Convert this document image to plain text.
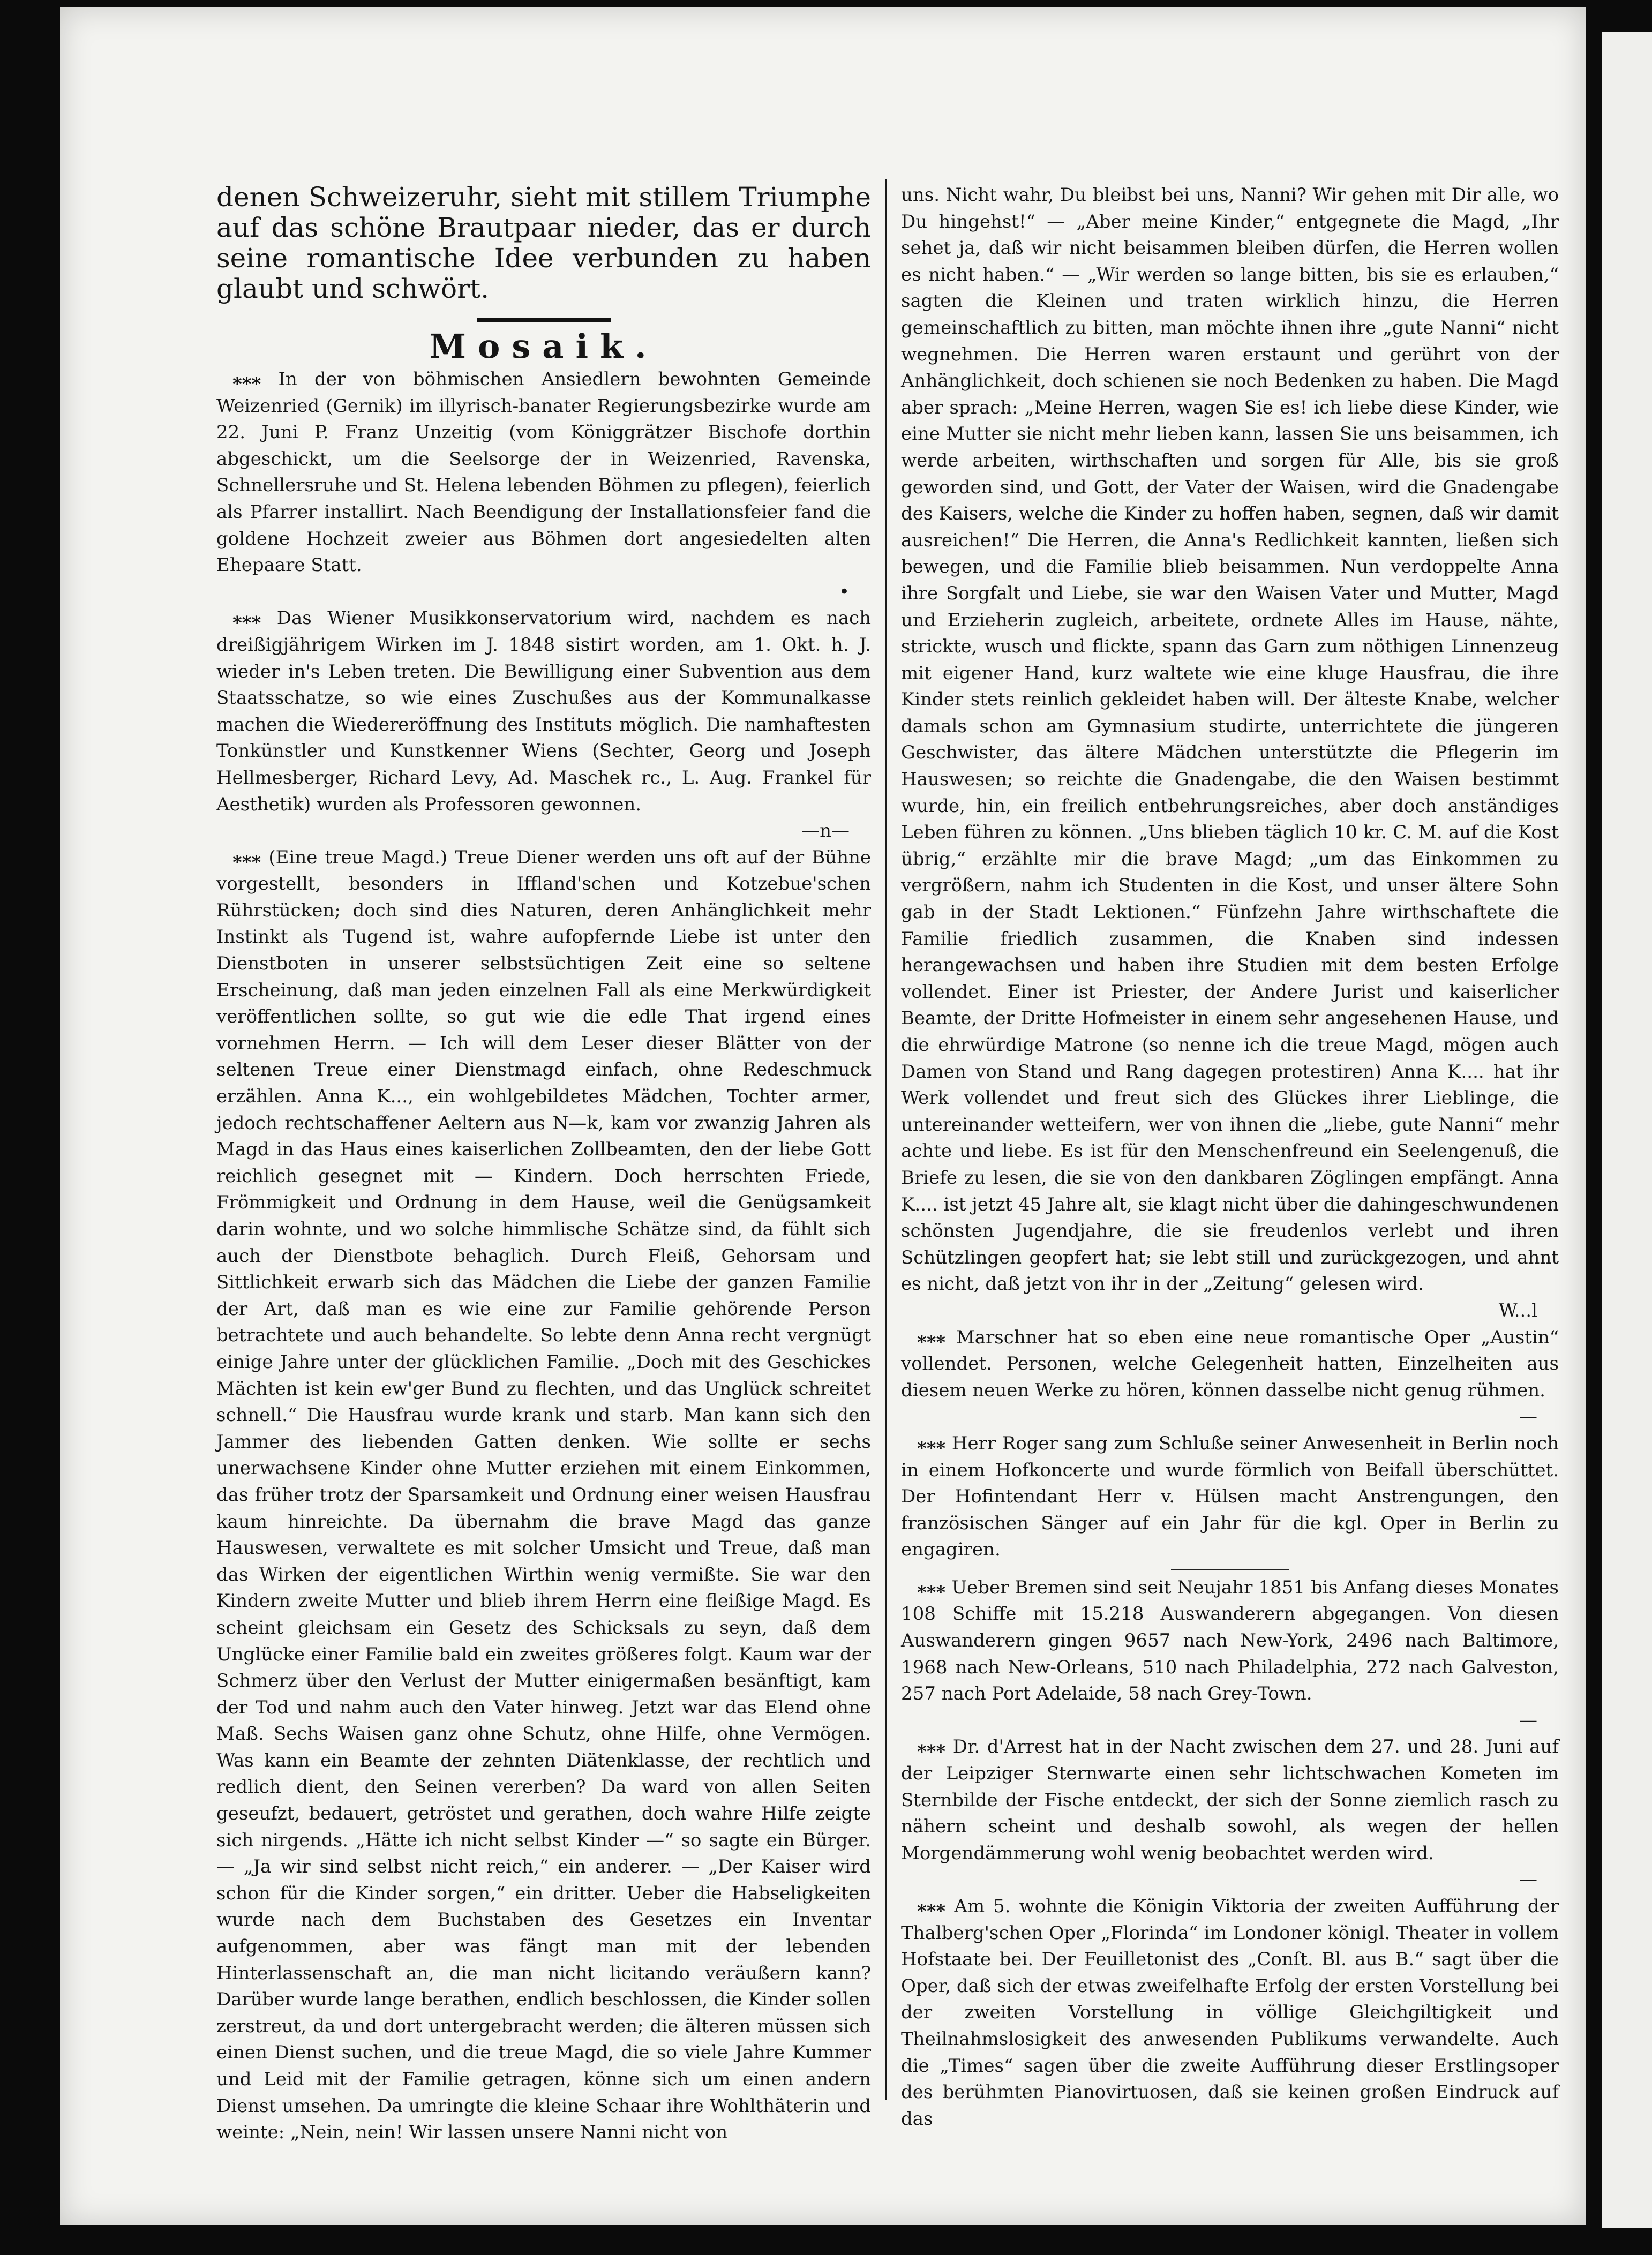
denen Schweizeruhr, sieht mit stillem Triumphe auf das schöne Brautpaar nieder, das er durch seine romantische Idee verbunden zu haben glaubt und schwört.

Mosaik.

⁎⁎⁎ In der von böhmischen Ansiedlern bewohnten Gemeinde Weizenried (Gernik) im illyrisch-banater Regierungsbezirke wurde am 22. Juni P. Franz Unzeitig (vom Königgrätzer Bischofe dorthin abgeschickt, um die Seelsorge der in Weizenried, Ravenska, Schnellersruhe und St. Helena lebenden Böhmen zu pflegen), feierlich als Pfarrer installirt. Nach Beendigung der Installationsfeier fand die goldene Hochzeit zweier aus Böhmen dort angesiedelten alten Ehepaare Statt.
•

⁎⁎⁎ Das Wiener Musikkonservatorium wird, nachdem es nach dreißigjährigem Wirken im J. 1848 sistirt worden, am 1. Okt. h. J. wieder in's Leben treten. Die Bewilligung einer Subvention aus dem Staatsschatze, so wie eines Zuschußes aus der Kommunalkasse machen die Wiedereröffnung des Instituts möglich. Die namhaftesten Tonkünstler und Kunstkenner Wiens (Sechter, Georg und Joseph Hellmesberger, Richard Levy, Ad. Maschek rc., L. Aug. Frankel für Aesthetik) wurden als Professoren gewonnen.
—n—

⁎⁎⁎ (Eine treue Magd.) Treue Diener werden uns oft auf der Bühne vorgestellt, besonders in Iffland'schen und Kotzebue'schen Rührstücken; doch sind dies Naturen, deren Anhänglichkeit mehr Instinkt als Tugend ist, wahre aufopfernde Liebe ist unter den Dienstboten in unserer selbstsüchtigen Zeit eine so seltene Erscheinung, daß man jeden einzelnen Fall als eine Merkwürdigkeit veröffentlichen sollte, so gut wie die edle That irgend eines vornehmen Herrn. — Ich will dem Leser dieser Blätter von der seltenen Treue einer Dienstmagd einfach, ohne Redeschmuck erzählen. Anna K..., ein wohlgebildetes Mädchen, Tochter armer, jedoch rechtschaffener Aeltern aus N—k, kam vor zwanzig Jahren als Magd in das Haus eines kaiserlichen Zollbeamten, den der liebe Gott reichlich gesegnet mit — Kindern. Doch herrschten Friede, Frömmigkeit und Ordnung in dem Hause, weil die Genügsamkeit darin wohnte, und wo solche himmlische Schätze sind, da fühlt sich auch der Dienstbote behaglich. Durch Fleiß, Gehorsam und Sittlichkeit erwarb sich das Mädchen die Liebe der ganzen Familie der Art, daß man es wie eine zur Familie gehörende Person betrachtete und auch behandelte. So lebte denn Anna recht vergnügt einige Jahre unter der glücklichen Familie. „Doch mit des Geschickes Mächten ist kein ew'ger Bund zu flechten, und das Unglück schreitet schnell.“ Die Hausfrau wurde krank und starb. Man kann sich den Jammer des liebenden Gatten denken. Wie sollte er sechs unerwachsene Kinder ohne Mutter erziehen mit einem Einkommen, das früher trotz der Sparsamkeit und Ordnung einer weisen Hausfrau kaum hinreichte. Da übernahm die brave Magd das ganze Hauswesen, verwaltete es mit solcher Umsicht und Treue, daß man das Wirken der eigentlichen Wirthin wenig vermißte. Sie war den Kindern zweite Mutter und blieb ihrem Herrn eine fleißige Magd. Es scheint gleichsam ein Gesetz des Schicksals zu seyn, daß dem Unglücke einer Familie bald ein zweites größeres folgt. Kaum war der Schmerz über den Verlust der Mutter einigermaßen besänftigt, kam der Tod und nahm auch den Vater hinweg. Jetzt war das Elend ohne Maß. Sechs Waisen ganz ohne Schutz, ohne Hilfe, ohne Vermögen. Was kann ein Beamte der zehnten Diätenklasse, der rechtlich und redlich dient, den Seinen vererben? Da ward von allen Seiten geseufzt, bedauert, getröstet und gerathen, doch wahre Hilfe zeigte sich nirgends. „Hätte ich nicht selbst Kinder —“ so sagte ein Bürger. — „Ja wir sind selbst nicht reich,“ ein anderer. — „Der Kaiser wird schon für die Kinder sorgen,“ ein dritter. Ueber die Habseligkeiten wurde nach dem Buchstaben des Gesetzes ein Inventar aufgenommen, aber was fängt man mit der lebenden Hinterlassenschaft an, die man nicht licitando veräußern kann? Darüber wurde lange berathen, endlich beschlossen, die Kinder sollen zerstreut, da und dort untergebracht werden; die älteren müssen sich einen Dienst suchen, und die treue Magd, die so viele Jahre Kummer und Leid mit der Familie getragen, könne sich um einen andern Dienst umsehen. Da umringte die kleine Schaar ihre Wohlthäterin und weinte: „Nein, nein! Wir lassen unsere Nanni nicht von

uns. Nicht wahr, Du bleibst bei uns, Nanni? Wir gehen mit Dir alle, wo Du hingehst!“ — „Aber meine Kinder,“ entgegnete die Magd, „Ihr sehet ja, daß wir nicht beisammen bleiben dürfen, die Herren wollen es nicht haben.“ — „Wir werden so lange bitten, bis sie es erlauben,“ sagten die Kleinen und traten wirklich hinzu, die Herren gemeinschaftlich zu bitten, man möchte ihnen ihre „gute Nanni“ nicht wegnehmen. Die Herren waren erstaunt und gerührt von der Anhänglichkeit, doch schienen sie noch Bedenken zu haben. Die Magd aber sprach: „Meine Herren, wagen Sie es! ich liebe diese Kinder, wie eine Mutter sie nicht mehr lieben kann, lassen Sie uns beisammen, ich werde arbeiten, wirthschaften und sorgen für Alle, bis sie groß geworden sind, und Gott, der Vater der Waisen, wird die Gnadengabe des Kaisers, welche die Kinder zu hoffen haben, segnen, daß wir damit ausreichen!“ Die Herren, die Anna's Redlichkeit kannten, ließen sich bewegen, und die Familie blieb beisammen. Nun verdoppelte Anna ihre Sorgfalt und Liebe, sie war den Waisen Vater und Mutter, Magd und Erzieherin zugleich, arbeitete, ordnete Alles im Hause, nähte, strickte, wusch und flickte, spann das Garn zum nöthigen Linnenzeug mit eigener Hand, kurz waltete wie eine kluge Hausfrau, die ihre Kinder stets reinlich gekleidet haben will. Der älteste Knabe, welcher damals schon am Gymnasium studirte, unterrichtete die jüngeren Geschwister, das ältere Mädchen unterstützte die Pflegerin im Hauswesen; so reichte die Gnadengabe, die den Waisen bestimmt wurde, hin, ein freilich entbehrungsreiches, aber doch anständiges Leben führen zu können. „Uns blieben täglich 10 kr. C. M. auf die Kost übrig,“ erzählte mir die brave Magd; „um das Einkommen zu vergrößern, nahm ich Studenten in die Kost, und unser ältere Sohn gab in der Stadt Lektionen.“ Fünfzehn Jahre wirthschaftete die Familie friedlich zusammen, die Knaben sind indessen herangewachsen und haben ihre Studien mit dem besten Erfolge vollendet. Einer ist Priester, der Andere Jurist und kaiserlicher Beamte, der Dritte Hofmeister in einem sehr angesehenen Hause, und die ehrwürdige Matrone (so nenne ich die treue Magd, mögen auch Damen von Stand und Rang dagegen protestiren) Anna K.... hat ihr Werk vollendet und freut sich des Glückes ihrer Lieblinge, die untereinander wetteifern, wer von ihnen die „liebe, gute Nanni“ mehr achte und liebe. Es ist für den Menschenfreund ein Seelengenuß, die Briefe zu lesen, die sie von den dankbaren Zöglingen empfängt. Anna K.... ist jetzt 45 Jahre alt, sie klagt nicht über die dahingeschwundenen schönsten Jugendjahre, die sie freudenlos verlebt und ihren Schützlingen geopfert hat; sie lebt still und zurückgezogen, und ahnt es nicht, daß jetzt von ihr in der „Zeitung“ gelesen wird.
W...l

⁎⁎⁎ Marschner hat so eben eine neue romantische Oper „Austin“ vollendet. Personen, welche Gelegenheit hatten, Einzelheiten aus diesem neuen Werke zu hören, können dasselbe nicht genug rühmen.
—

⁎⁎⁎ Herr Roger sang zum Schluße seiner Anwesenheit in Berlin noch in einem Hofkoncerte und wurde förmlich von Beifall überschüttet. Der Hofintendant Herr v. Hülsen macht Anstrengungen, den französischen Sänger auf ein Jahr für die kgl. Oper in Berlin zu engagiren.

⁎⁎⁎ Ueber Bremen sind seit Neujahr 1851 bis Anfang dieses Monates 108 Schiffe mit 15.218 Auswanderern abgegangen. Von diesen Auswanderern gingen 9657 nach New-York, 2496 nach Baltimore, 1968 nach New-Orleans, 510 nach Philadelphia, 272 nach Galveston, 257 nach Port Adelaide, 58 nach Grey-Town.
—

⁎⁎⁎ Dr. d'Arrest hat in der Nacht zwischen dem 27. und 28. Juni auf der Leipziger Sternwarte einen sehr lichtschwachen Kometen im Sternbilde der Fische entdeckt, der sich der Sonne ziemlich rasch zu nähern scheint und deshalb sowohl, als wegen der hellen Morgendämmerung wohl wenig beobachtet werden wird.
—

⁎⁎⁎ Am 5. wohnte die Königin Viktoria der zweiten Aufführung der Thalberg'schen Oper „Florinda“ im Londoner königl. Theater in vollem Hofstaate bei. Der Feuilletonist des „Conſt. Bl. aus B.“ sagt über die Oper, daß sich der etwas zweifelhafte Erfolg der ersten Vorstellung bei der zweiten Vorstellung in völlige Gleichgiltigkeit und Theilnahmslosigkeit des anwesenden Publikums verwandelte. Auch die „Times“ sagen über die zweite Aufführung dieser Erstlingsoper des berühmten Pianovirtuosen, daß sie keinen großen Eindruck auf das
